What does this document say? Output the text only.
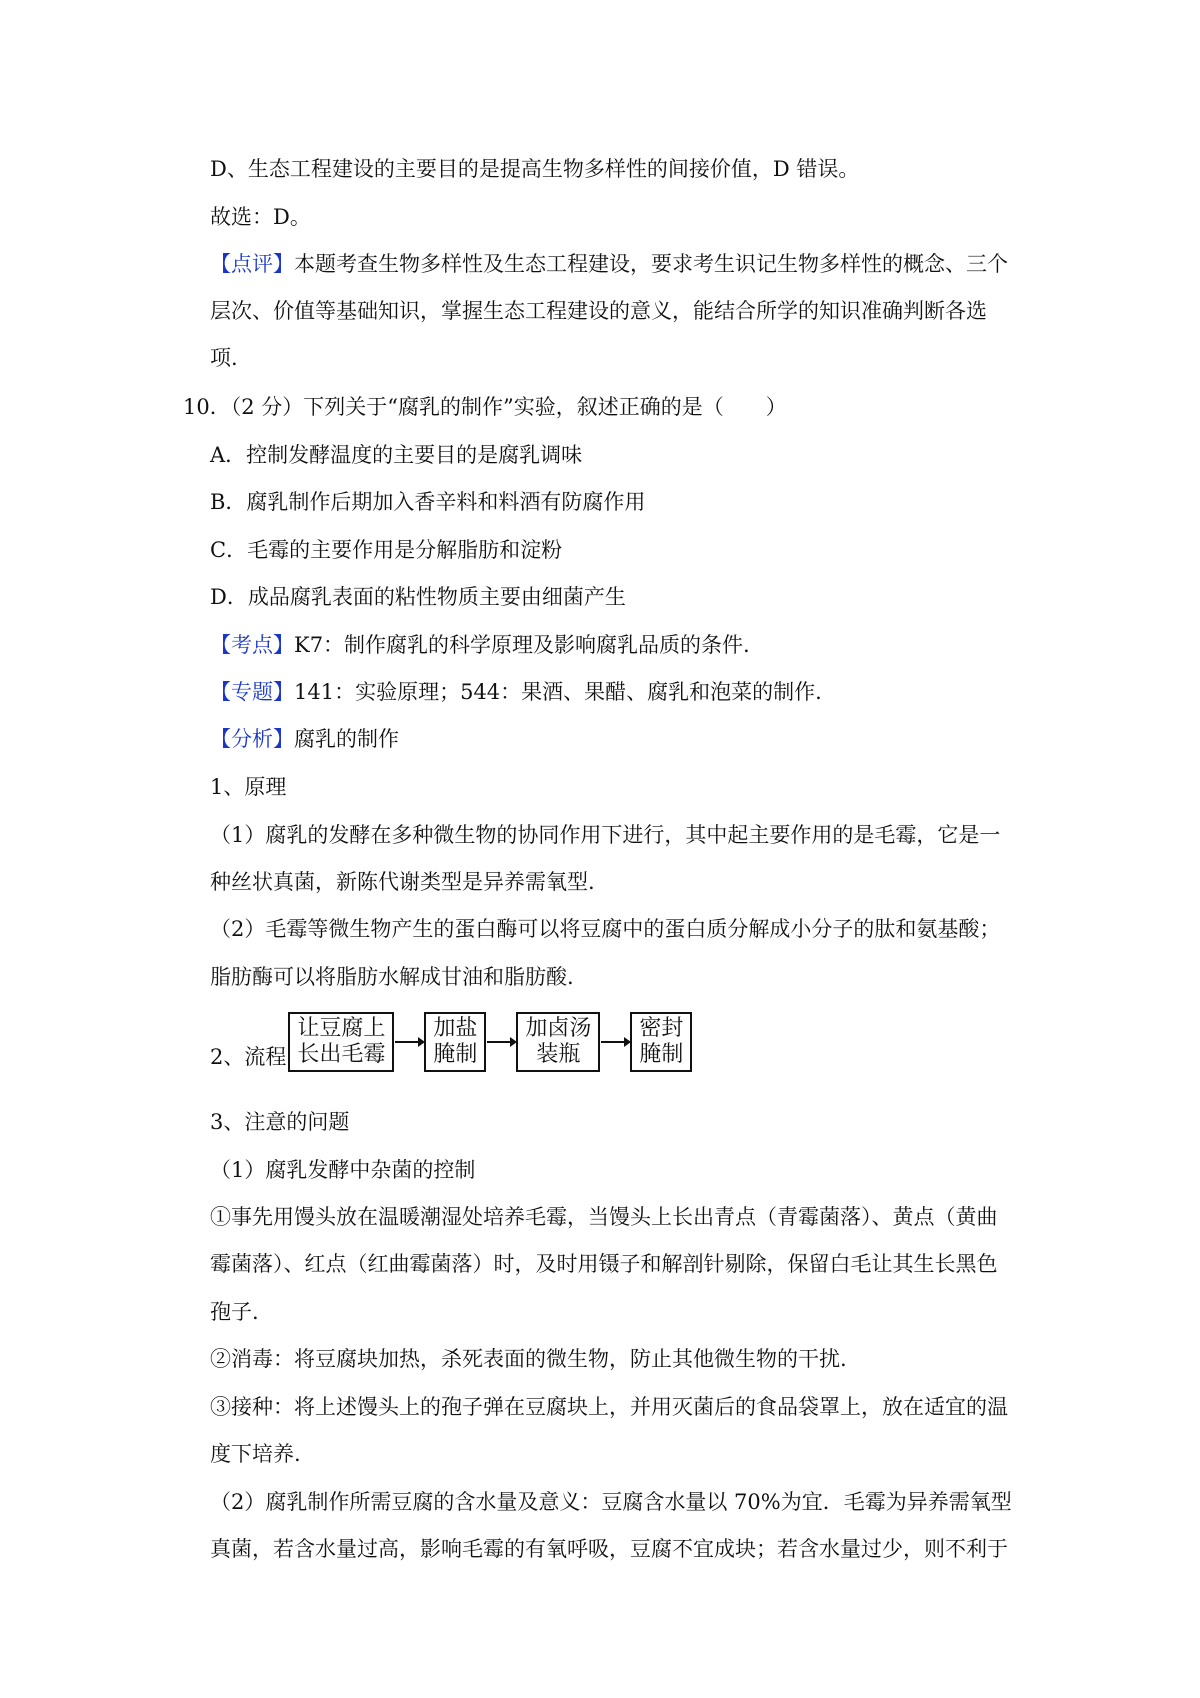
D、生态工程建设的主要目的是提高生物多样性的间接价值，D 错误。
故选：D。
【点评】本题考查生物多样性及生态工程建设，要求考生识记生物多样性的概念、三个
层次、价值等基础知识，掌握生态工程建设的意义，能结合所学的知识准确判断各选
项.
10．（2 分）下列关于“腐乳的制作”实验，叙述正确的是（　　）
A．控制发酵温度的主要目的是腐乳调味
B．腐乳制作后期加入香辛料和料酒有防腐作用
C．毛霉的主要作用是分解脂肪和淀粉
D．成品腐乳表面的粘性物质主要由细菌产生
【考点】K7：制作腐乳的科学原理及影响腐乳品质的条件.
【专题】141：实验原理；544：果酒、果醋、腐乳和泡菜的制作.
【分析】腐乳的制作
1、原理
（1）腐乳的发酵在多种微生物的协同作用下进行，其中起主要作用的是毛霉，它是一
种丝状真菌，新陈代谢类型是异养需氧型.
（2）毛霉等微生物产生的蛋白酶可以将豆腐中的蛋白质分解成小分子的肽和氨基酸；
脂肪酶可以将脂肪水解成甘油和脂肪酸.
2、流程
让豆腐上
长出毛霉
加盐
腌制
加卤汤
装瓶
密封
腌制
3、注意的问题
（1）腐乳发酵中杂菌的控制
①事先用馒头放在温暖潮湿处培养毛霉，当馒头上长出青点（青霉菌落）、黄点（黄曲
霉菌落）、红点（红曲霉菌落）时，及时用镊子和解剖针剔除，保留白毛让其生长黑色
孢子.
②消毒：将豆腐块加热，杀死表面的微生物，防止其他微生物的干扰.
③接种：将上述馒头上的孢子弹在豆腐块上，并用灭菌后的食品袋罩上，放在适宜的温
度下培养.
（2）腐乳制作所需豆腐的含水量及意义：豆腐含水量以 70%为宜．毛霉为异养需氧型
真菌，若含水量过高，影响毛霉的有氧呼吸，豆腐不宜成块；若含水量过少，则不利于
